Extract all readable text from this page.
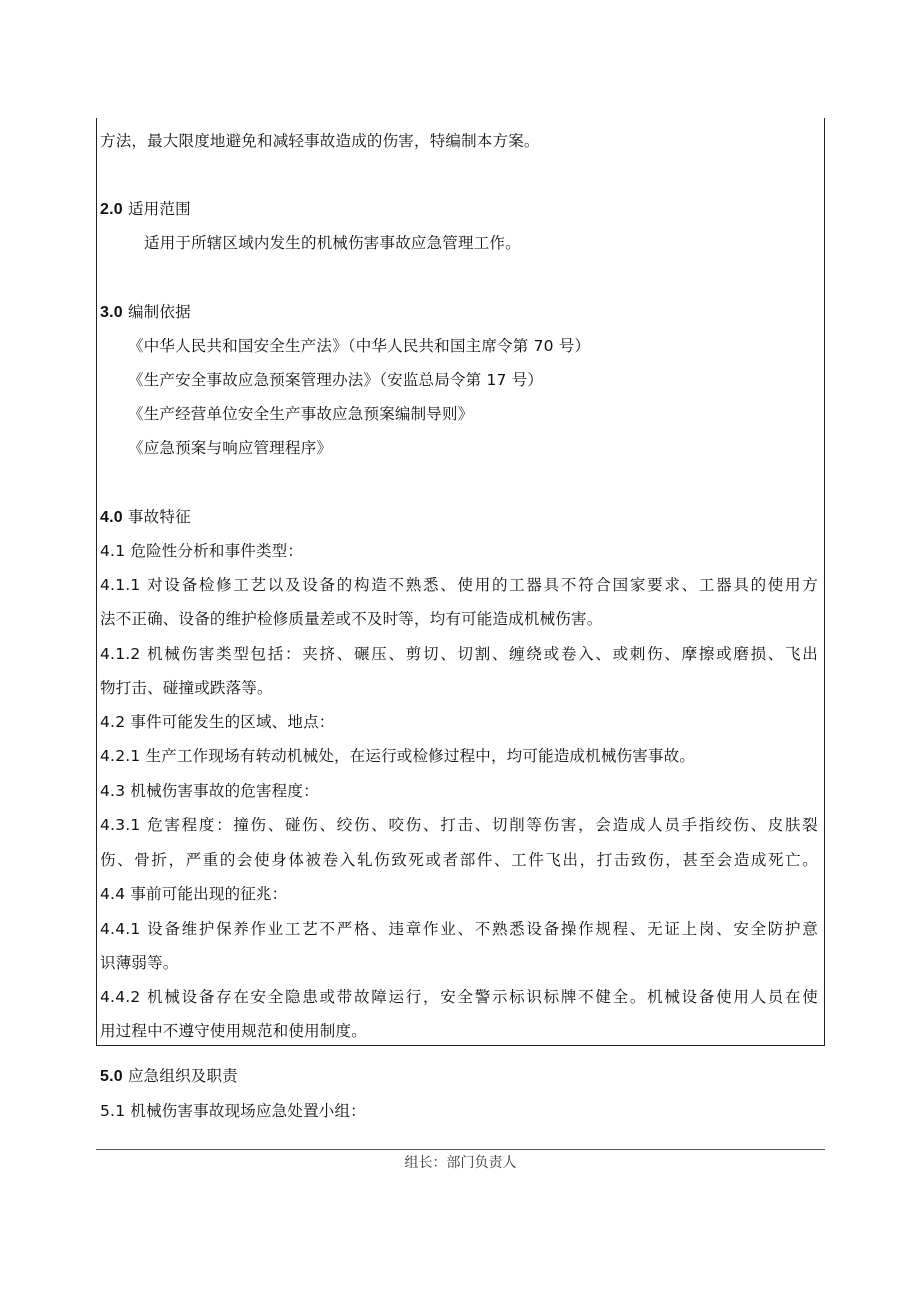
方法，最大限度地避免和减轻事故造成的伤害，特编制本方案。
2.0 适用范围
适用于所辖区域内发生的机械伤害事故应急管理工作。
3.0 编制依据
《中华人民共和国安全生产法》（中华人民共和国主席令第 70 号）
《生产安全事故应急预案管理办法》（安监总局令第 17 号）
《生产经营单位安全生产事故应急预案编制导则》
《应急预案与响应管理程序》
4.0 事故特征
4.1 危险性分析和事件类型：
4.1.1 对设备检修工艺以及设备的构造不熟悉、使用的工器具不符合国家要求、工器具的使用方
法不正确、设备的维护检修质量差或不及时等，均有可能造成机械伤害。
4.1.2 机械伤害类型包括：夹挤、碾压、剪切、切割、缠绕或卷入、或刺伤、摩擦或磨损、飞出
物打击、碰撞或跌落等。
4.2 事件可能发生的区域、地点：
4.2.1 生产工作现场有转动机械处，在运行或检修过程中，均可能造成机械伤害事故。
4.3 机械伤害事故的危害程度：
4.3.1 危害程度：撞伤、碰伤、绞伤、咬伤、打击、切削等伤害，会造成人员手指绞伤、皮肤裂
伤、骨折，严重的会使身体被卷入轧伤致死或者部件、工件飞出，打击致伤，甚至会造成死亡。
4.4 事前可能出现的征兆：
4.4.1 设备维护保养作业工艺不严格、违章作业、不熟悉设备操作规程、无证上岗、安全防护意
识薄弱等。
4.4.2 机械设备存在安全隐患或带故障运行，安全警示标识标牌不健全。机械设备使用人员在使
用过程中不遵守使用规范和使用制度。
5.0 应急组织及职责
5.1 机械伤害事故现场应急处置小组：
组长：部门负责人
